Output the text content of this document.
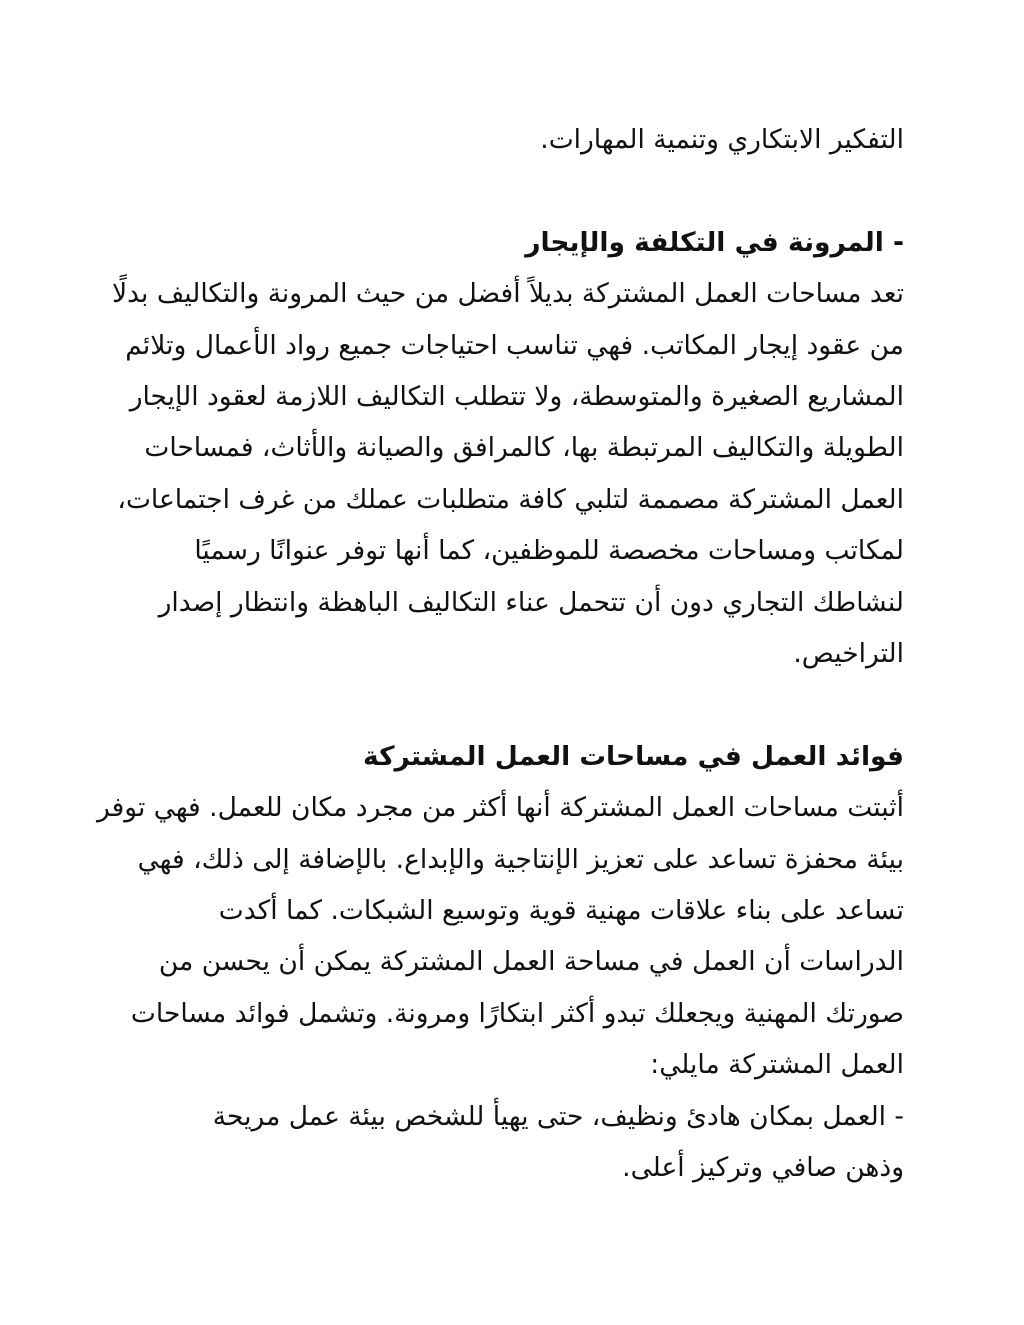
التفكير الابتكاري وتنمية المهارات.

- المرونة في التكلفة والإيجار
تعد مساحات العمل المشتركة بديلاً أفضل من حيث المرونة والتكاليف بدلًا
من عقود إيجار المكاتب. فهي تناسب احتياجات جميع رواد الأعمال وتلائم
المشاريع الصغيرة والمتوسطة، ولا تتطلب التكاليف اللازمة لعقود الإيجار
الطويلة والتكاليف المرتبطة بها، كالمرافق والصيانة والأثاث، فمساحات
العمل المشتركة مصممة لتلبي كافة متطلبات عملك من غرف اجتماعات،
لمكاتب ومساحات مخصصة للموظفين، كما أنها توفر عنوانًا رسميًا
لنشاطك التجاري دون أن تتحمل عناء التكاليف الباهظة وانتظار إصدار
التراخيص.

فوائد العمل في مساحات العمل المشتركة
أثبتت مساحات العمل المشتركة أنها أكثر من مجرد مكان للعمل. فهي توفر
بيئة محفزة تساعد على تعزيز الإنتاجية والإبداع. بالإضافة إلى ذلك، فهي
تساعد على بناء علاقات مهنية قوية وتوسيع الشبكات. كما أكدت
الدراسات أن العمل في مساحة العمل المشتركة يمكن أن يحسن من
صورتك المهنية ويجعلك تبدو أكثر ابتكارًا ومرونة. وتشمل فوائد مساحات
العمل المشتركة مايلي:
- العمل بمكان هادئ ونظيف، حتى يهيأ للشخص بيئة عمل مريحة
وذهن صافي وتركيز أعلى.
